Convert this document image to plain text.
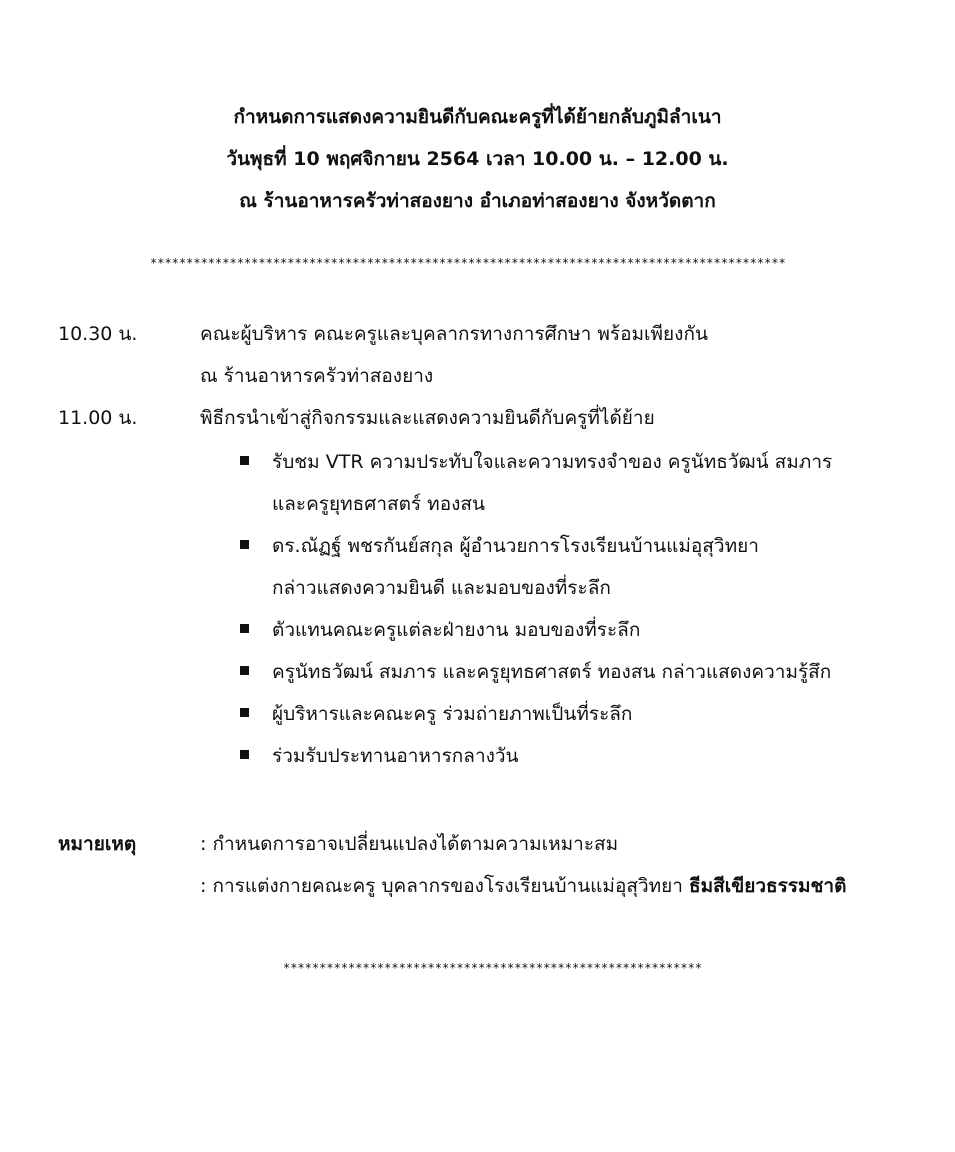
กำหนดการแสดงความยินดีกับคณะครูที่ได้ย้ายกลับภูมิลำเนา
วันพุธที่ 10 พฤศจิกายน 2564 เวลา 10.00 น. – 12.00 น.
ณ ร้านอาหารครัวท่าสองยาง อำเภอท่าสองยาง จังหวัดตาก
****************************************************************************************
10.30 น.	คณะผู้บริหาร คณะครูและบุคลากรทางการศึกษา พร้อมเพียงกัน
ณ ร้านอาหารครัวท่าสองยาง
11.00 น.	พิธีกรนำเข้าสู่กิจกรรมและแสดงความยินดีกับครูที่ได้ย้าย
รับชม VTR ความประทับใจและความทรงจำของ ครูนัทธวัฒน์ สมภาร
และครูยุทธศาสตร์ ทองสน
ดร.ณัฏฐ์ พชรกันย์สกุล ผู้อำนวยการโรงเรียนบ้านแม่อุสุวิทยา
กล่าวแสดงความยินดี และมอบของที่ระลึก
ตัวแทนคณะครูแต่ละฝ่ายงาน มอบของที่ระลึก
ครูนัทธวัฒน์ สมภาร และครูยุทธศาสตร์ ทองสน กล่าวแสดงความรู้สึก
ผู้บริหารและคณะครู ร่วมถ่ายภาพเป็นที่ระลึก
ร่วมรับประทานอาหารกลางวัน
หมายเหตุ	: กำหนดการอาจเปลี่ยนแปลงได้ตามความเหมาะสม
: การแต่งกายคณะครู บุคลากรของโรงเรียนบ้านแม่อุสุวิทยา ธีมสีเขียวธรรมชาติ
**********************************************************
